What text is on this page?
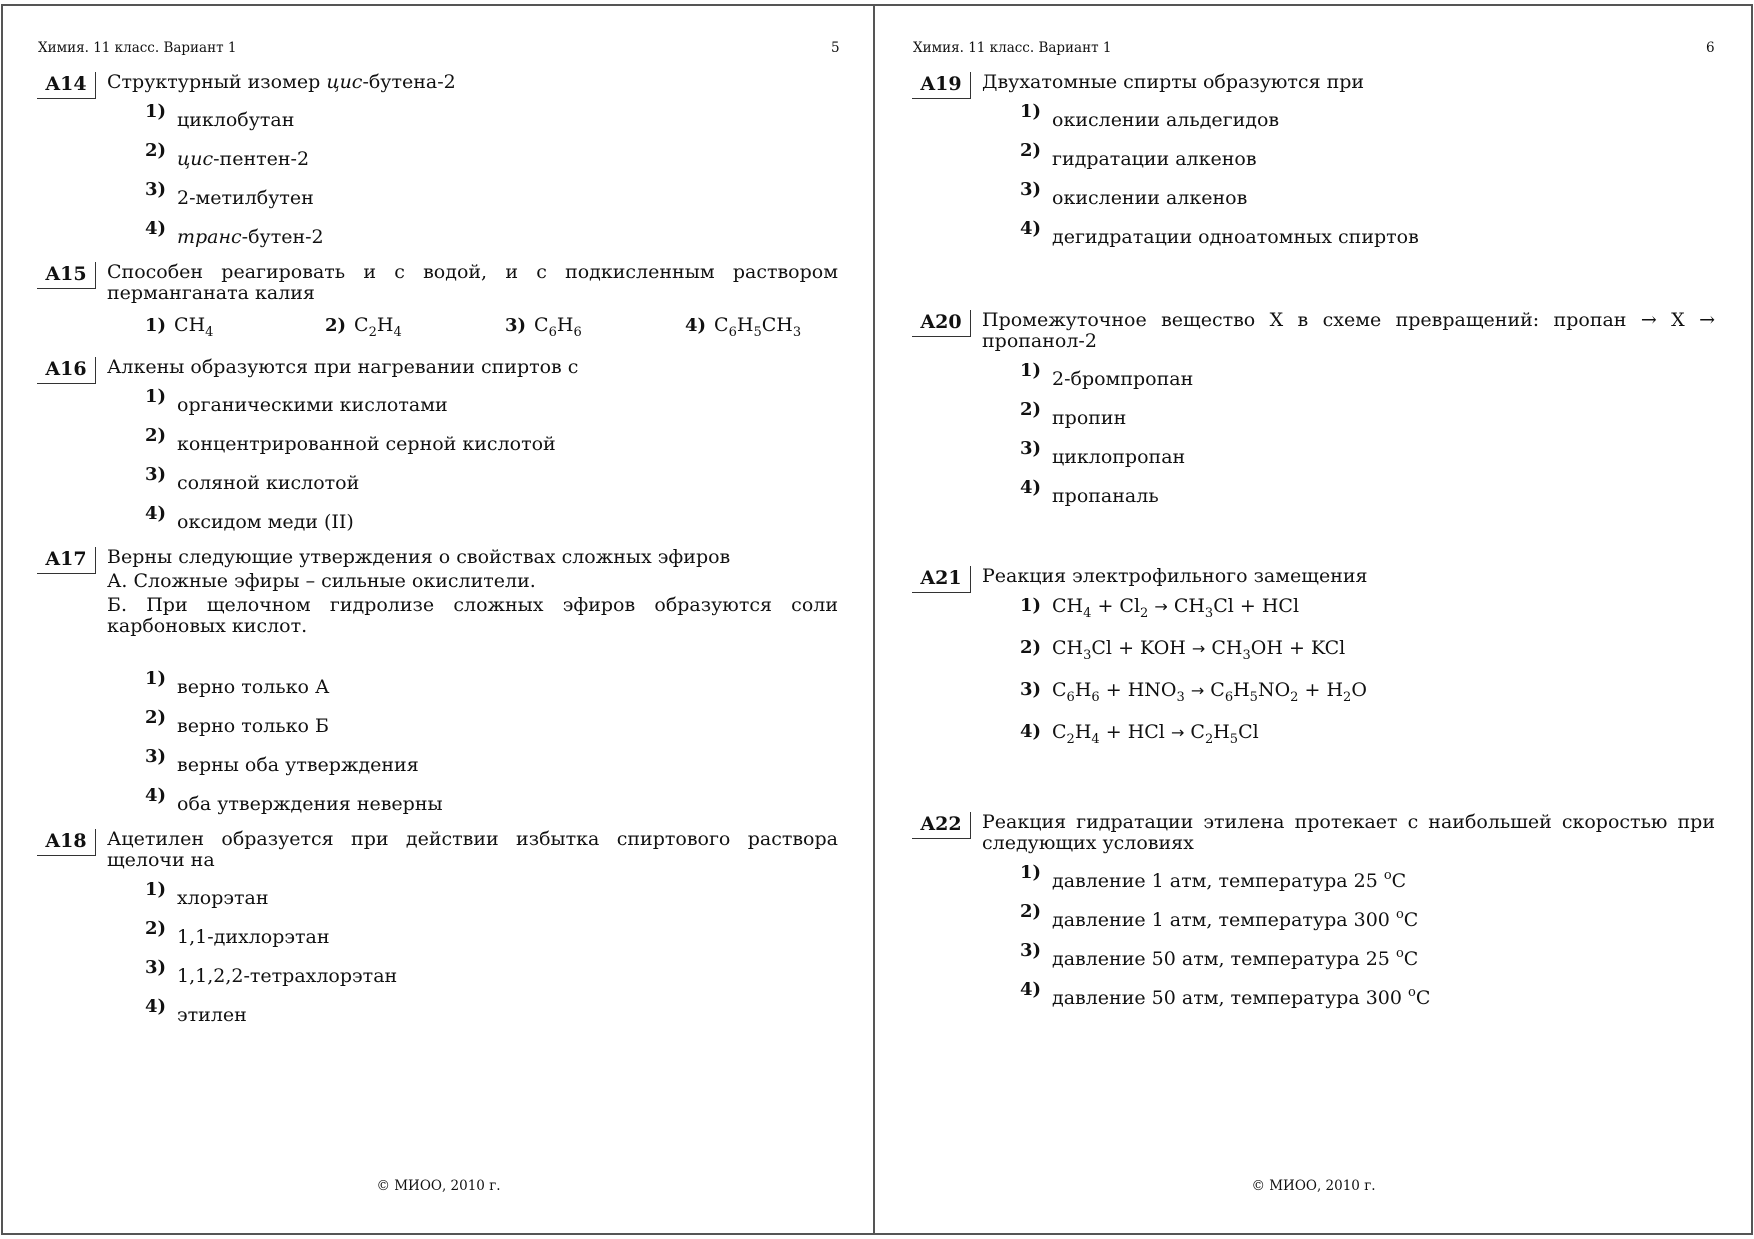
Химия. 11 класс. Вариант 1	5
A14	Структурный изомер цис-бутена-2
1) циклобутан
2) цис-пентен-2
3) 2-метилбутен
4) транс-бутен-2
A15	Способен реагировать и с водой, и с подкисленным раствором перманганата калия
1) $CH_4$	2) $C_2H_4$	3) $C_6H_6$	4) $C_6H_5CH_3$
A16	Алкены образуются при нагревании спиртов с
1) органическими кислотами
2) концентрированной серной кислотой
3) соляной кислотой
4) оксидом меди (II)
A17	Верны следующие утверждения о свойствах сложных эфиров

А. Сложные эфиры – сильные окислители.

Б. При щелочном гидролизе сложных эфиров образуются соли карбоновых кислот.

1) верно только А
2) верно только Б
3) верны оба утверждения
4) оба утверждения неверны
A18	Ацетилен образуется при действии избытка спиртового раствора щелочи на
1) хлорэтан
2) 1,1-дихлорэтан
3) 1,1,2,2-тетрахлорэтан
4) этилен
© МИОО, 2010 г.
Химия. 11 класс. Вариант 1	6
A19	Двухатомные спирты образуются при
1) окислении альдегидов
2) гидратации алкенов
3) окислении алкенов
4) дегидратации одноатомных спиртов
A20	Промежуточное вещество X в схеме превращений: пропан → X → пропанол-2
1) 2-бромпропан
2) пропин
3) циклопропан
4) пропаналь
A21	Реакция электрофильного замещения
1) $CH_4 + Cl_2 \to CH_3Cl$ + HCl
2) $CH_3Cl$ + KOH → $CH_3OH$ + KCl
3) $C_6H_6 + HNO_3 \to C_6H_5NO_2 + H_2O$
4) $C_2H_4$ + HCl → $C_2H_5Cl$
A22	Реакция гидратации этилена протекает с наибольшей скоростью при следующих условиях
1) давление 1 атм, температура 25 $^o$C
2) давление 1 атм, температура 300 $^o$C
3) давление 50 атм, температура 25 $^o$C
4) давление 50 атм, температура 300 $^o$C
© МИОО, 2010 г.
